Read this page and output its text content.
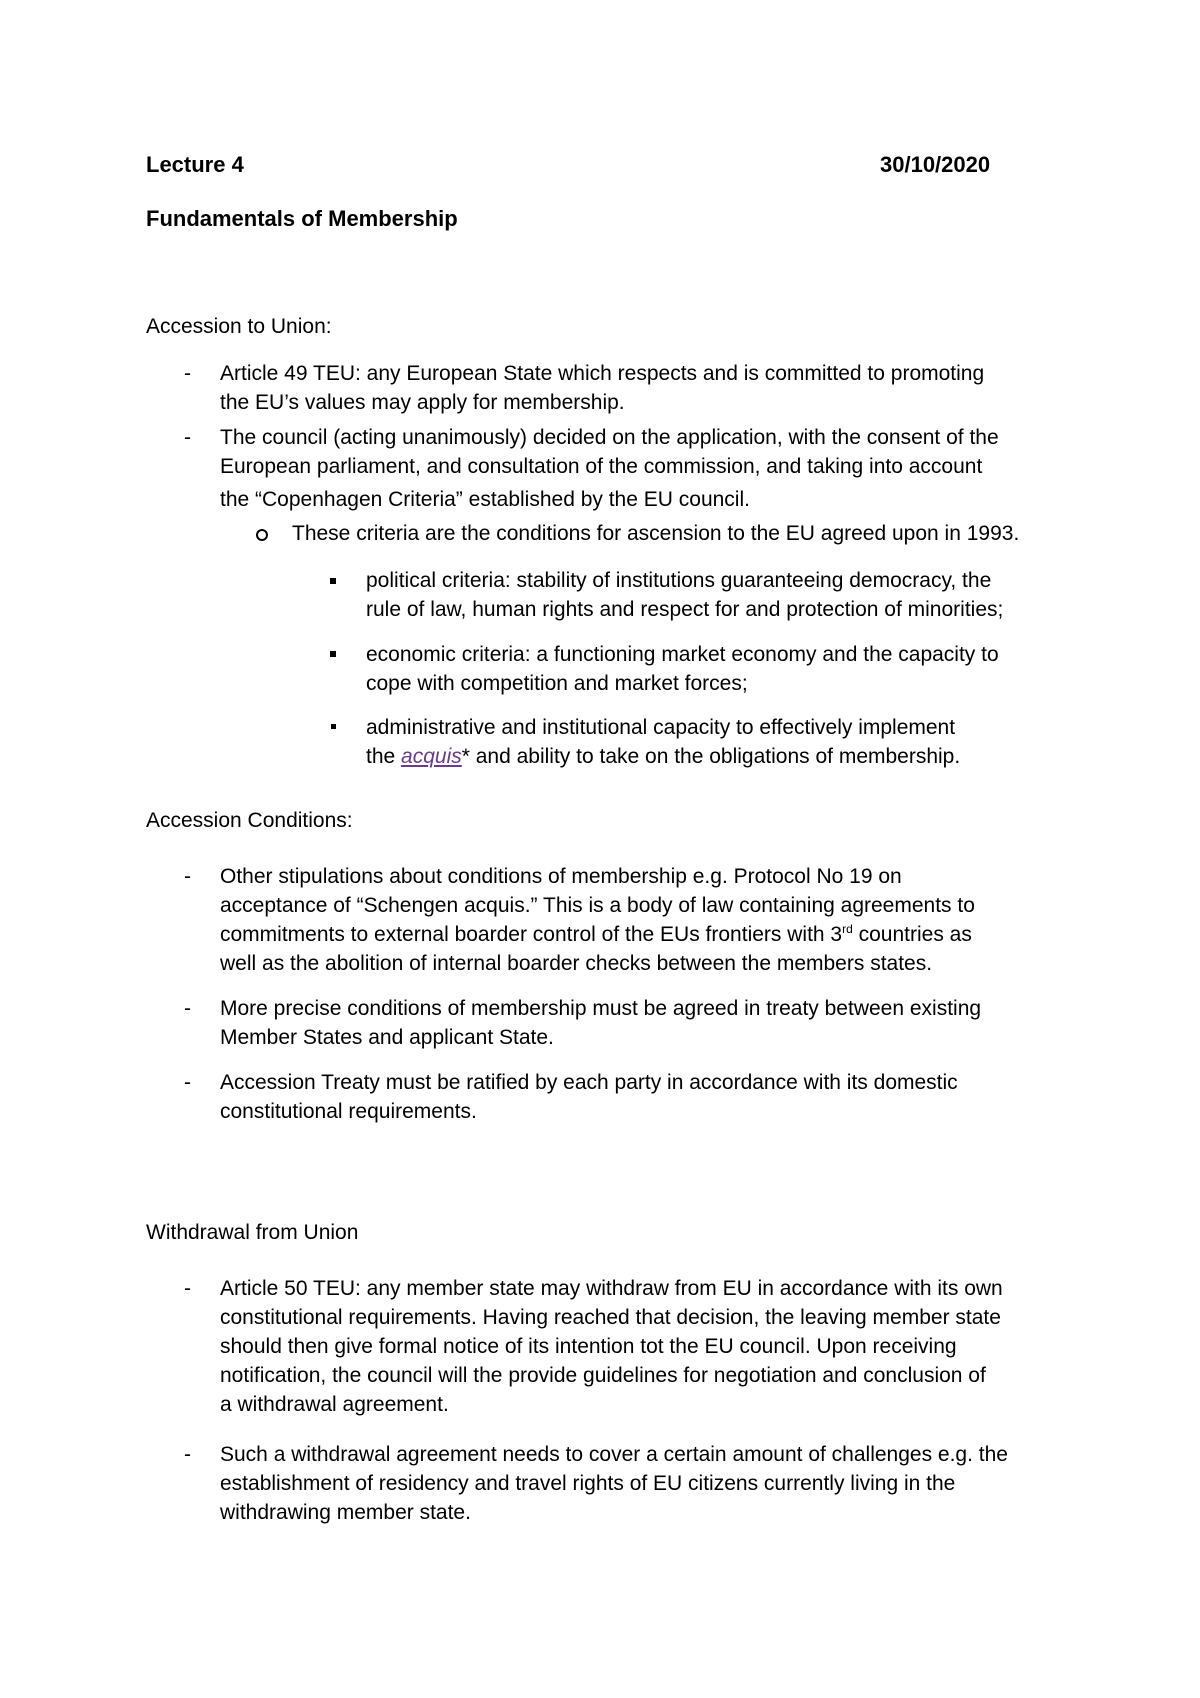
Lecture 4	30/10/2020
Fundamentals of Membership
Accession to Union:
- Article 49 TEU: any European State which respects and is committed to promoting
the EU’s values may apply for membership.
- The council (acting unanimously) decided on the application, with the consent of the
European parliament, and consultation of the commission, and taking into account
the “Copenhagen Criteria” established by the EU council.
These criteria are the conditions for ascension to the EU agreed upon in 1993.
political criteria: stability of institutions guaranteeing democracy, the
rule of law, human rights and respect for and protection of minorities;
economic criteria: a functioning market economy and the capacity to
cope with competition and market forces;
administrative and institutional capacity to effectively implement
the acquis* and ability to take on the obligations of membership.
Accession Conditions:
- Other stipulations about conditions of membership e.g. Protocol No 19 on
acceptance of “Schengen acquis.” This is a body of law containing agreements to
commitments to external boarder control of the EUs frontiers with 3rd countries as
well as the abolition of internal boarder checks between the members states.
- More precise conditions of membership must be agreed in treaty between existing
Member States and applicant State.
- Accession Treaty must be ratified by each party in accordance with its domestic
constitutional requirements.
Withdrawal from Union
- Article 50 TEU: any member state may withdraw from EU in accordance with its own
constitutional requirements. Having reached that decision, the leaving member state
should then give formal notice of its intention tot the EU council. Upon receiving
notification, the council will the provide guidelines for negotiation and conclusion of
a withdrawal agreement.
- Such a withdrawal agreement needs to cover a certain amount of challenges e.g. the
establishment of residency and travel rights of EU citizens currently living in the
withdrawing member state.
